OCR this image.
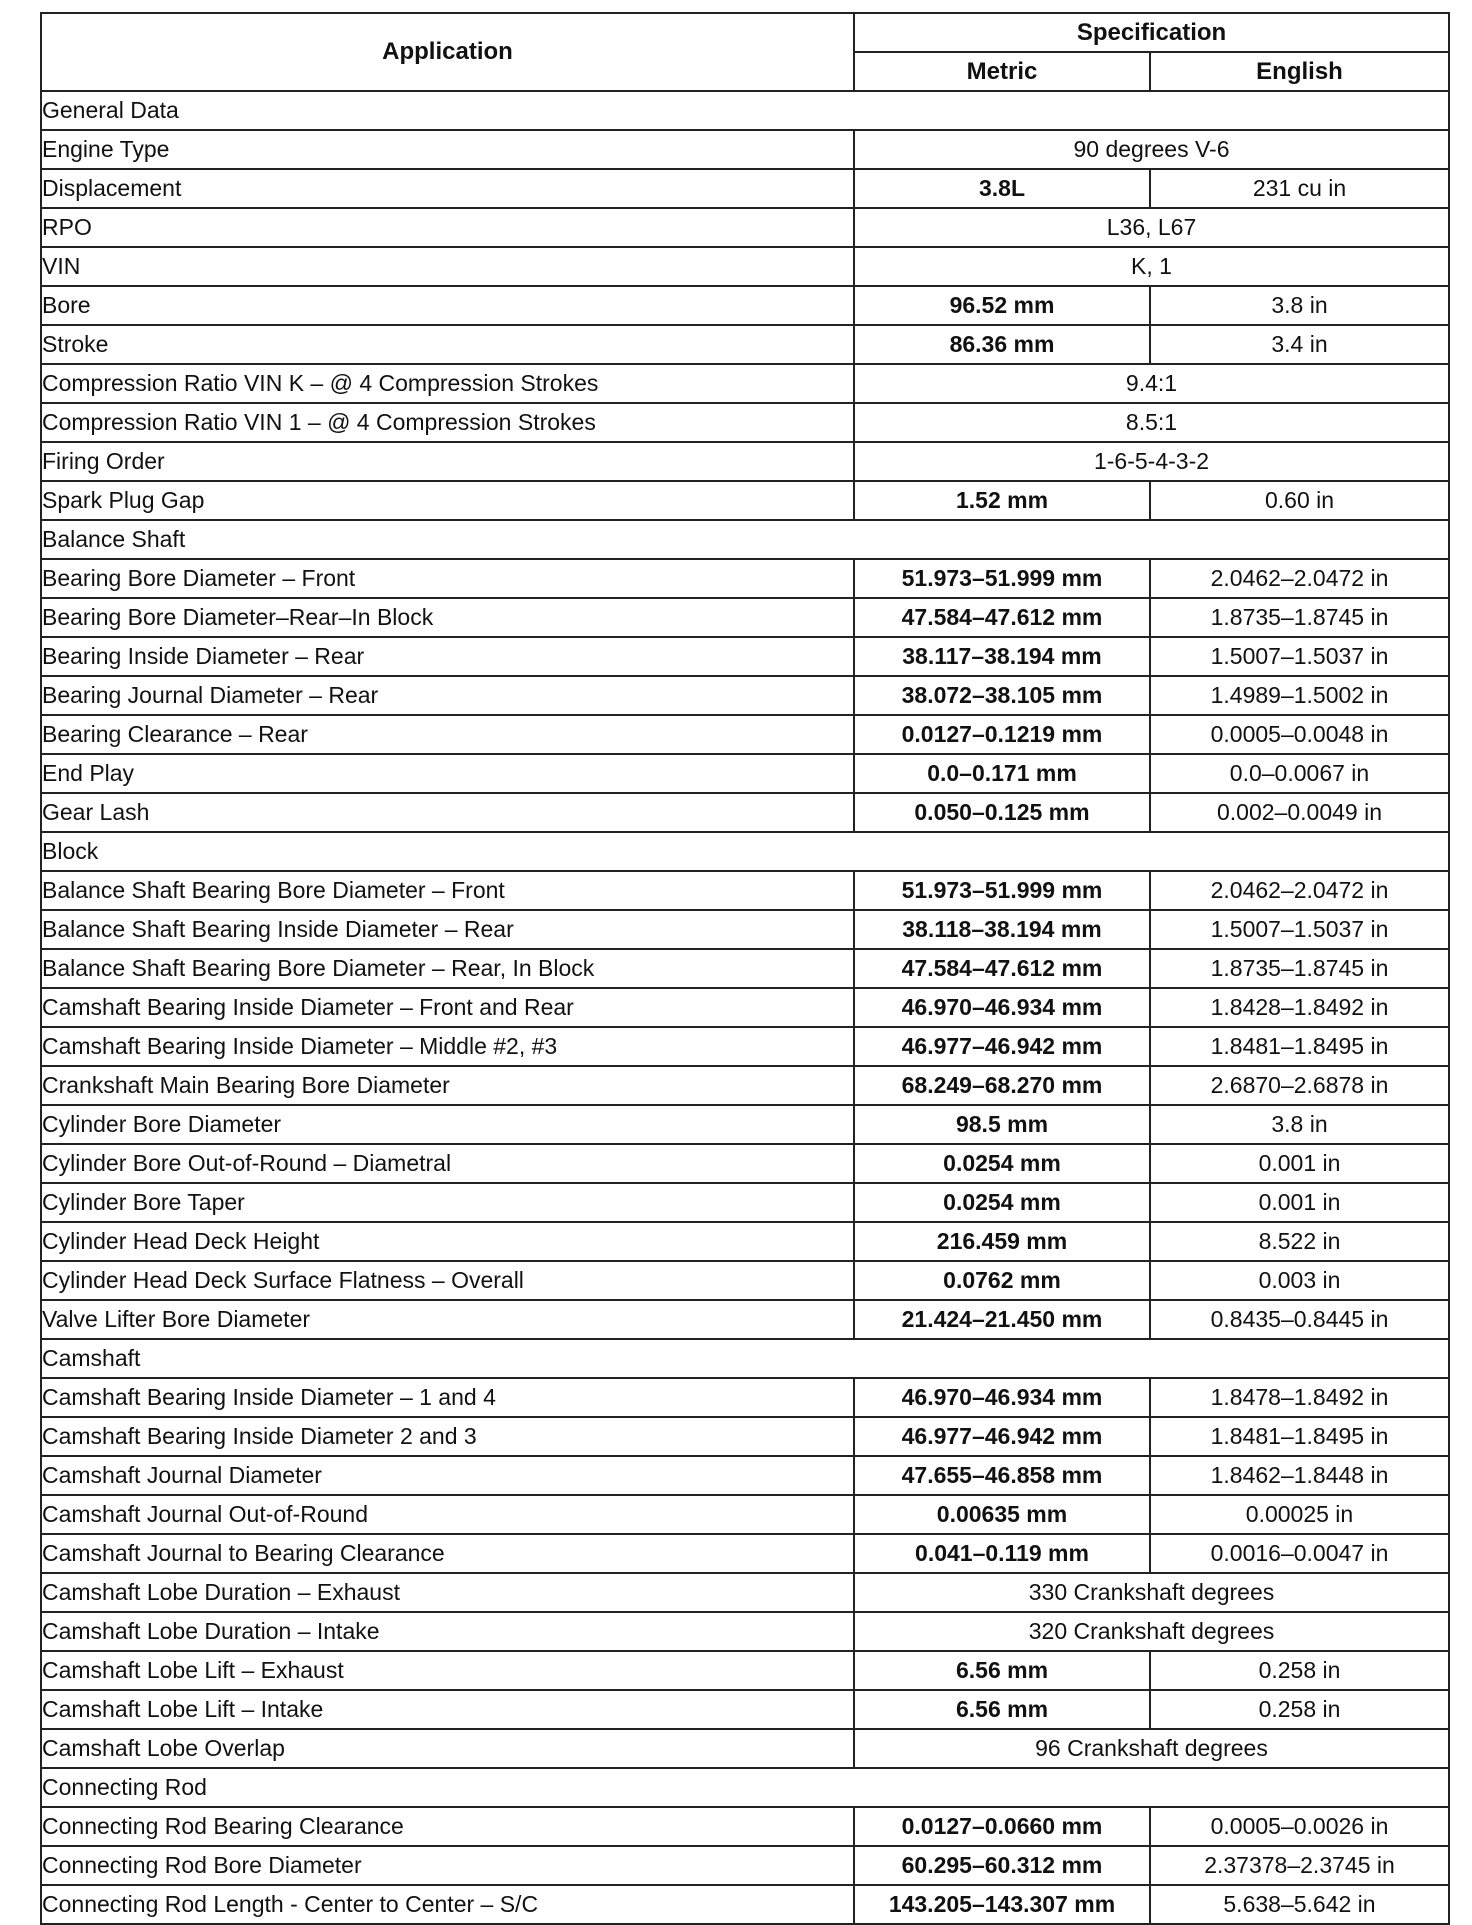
Application	Specification	
	Metric	English
General Data		
Engine Type	90 degrees V-6	
Displacement	3.8L	231 cu in
RPO	L36, L67	
VIN	K, 1	
Bore	96.52 mm	3.8 in
Stroke	86.36 mm	3.4 in
Compression Ratio VIN K – @ 4 Compression Strokes	9.4:1	
Compression Ratio VIN 1 – @ 4 Compression Strokes	8.5:1	
Firing Order	1-6-5-4-3-2	
Spark Plug Gap	1.52 mm	0.60 in
Balance Shaft		
Bearing Bore Diameter – Front	51.973–51.999 mm	2.0462–2.0472 in
Bearing Bore Diameter–Rear–In Block	47.584–47.612 mm	1.8735–1.8745 in
Bearing Inside Diameter – Rear	38.117–38.194 mm	1.5007–1.5037 in
Bearing Journal Diameter – Rear	38.072–38.105 mm	1.4989–1.5002 in
Bearing Clearance – Rear	0.0127–0.1219 mm	0.0005–0.0048 in
End Play	0.0–0.171 mm	0.0–0.0067 in
Gear Lash	0.050–0.125 mm	0.002–0.0049 in
Block		
Balance Shaft Bearing Bore Diameter – Front	51.973–51.999 mm	2.0462–2.0472 in
Balance Shaft Bearing Inside Diameter – Rear	38.118–38.194 mm	1.5007–1.5037 in
Balance Shaft Bearing Bore Diameter – Rear, In Block	47.584–47.612 mm	1.8735–1.8745 in
Camshaft Bearing Inside Diameter – Front and Rear	46.970–46.934 mm	1.8428–1.8492 in
Camshaft Bearing Inside Diameter – Middle #2, #3	46.977–46.942 mm	1.8481–1.8495 in
Crankshaft Main Bearing Bore Diameter	68.249–68.270 mm	2.6870–2.6878 in
Cylinder Bore Diameter	98.5 mm	3.8 in
Cylinder Bore Out-of-Round – Diametral	0.0254 mm	0.001 in
Cylinder Bore Taper	0.0254 mm	0.001 in
Cylinder Head Deck Height	216.459 mm	8.522 in
Cylinder Head Deck Surface Flatness – Overall	0.0762 mm	0.003 in
Valve Lifter Bore Diameter	21.424–21.450 mm	0.8435–0.8445 in
Camshaft		
Camshaft Bearing Inside Diameter – 1 and 4	46.970–46.934 mm	1.8478–1.8492 in
Camshaft Bearing Inside Diameter 2 and 3	46.977–46.942 mm	1.8481–1.8495 in
Camshaft Journal Diameter	47.655–46.858 mm	1.8462–1.8448 in
Camshaft Journal Out-of-Round	0.00635 mm	0.00025 in
Camshaft Journal to Bearing Clearance	0.041–0.119 mm	0.0016–0.0047 in
Camshaft Lobe Duration – Exhaust	330 Crankshaft degrees	
Camshaft Lobe Duration – Intake	320 Crankshaft degrees	
Camshaft Lobe Lift – Exhaust	6.56 mm	0.258 in
Camshaft Lobe Lift – Intake	6.56 mm	0.258 in
Camshaft Lobe Overlap	96 Crankshaft degrees	
Connecting Rod		
Connecting Rod Bearing Clearance	0.0127–0.0660 mm	0.0005–0.0026 in
Connecting Rod Bore Diameter	60.295–60.312 mm	2.37378–2.3745 in
Connecting Rod Length - Center to Center – S/C	143.205–143.307 mm	5.638–5.642 in
